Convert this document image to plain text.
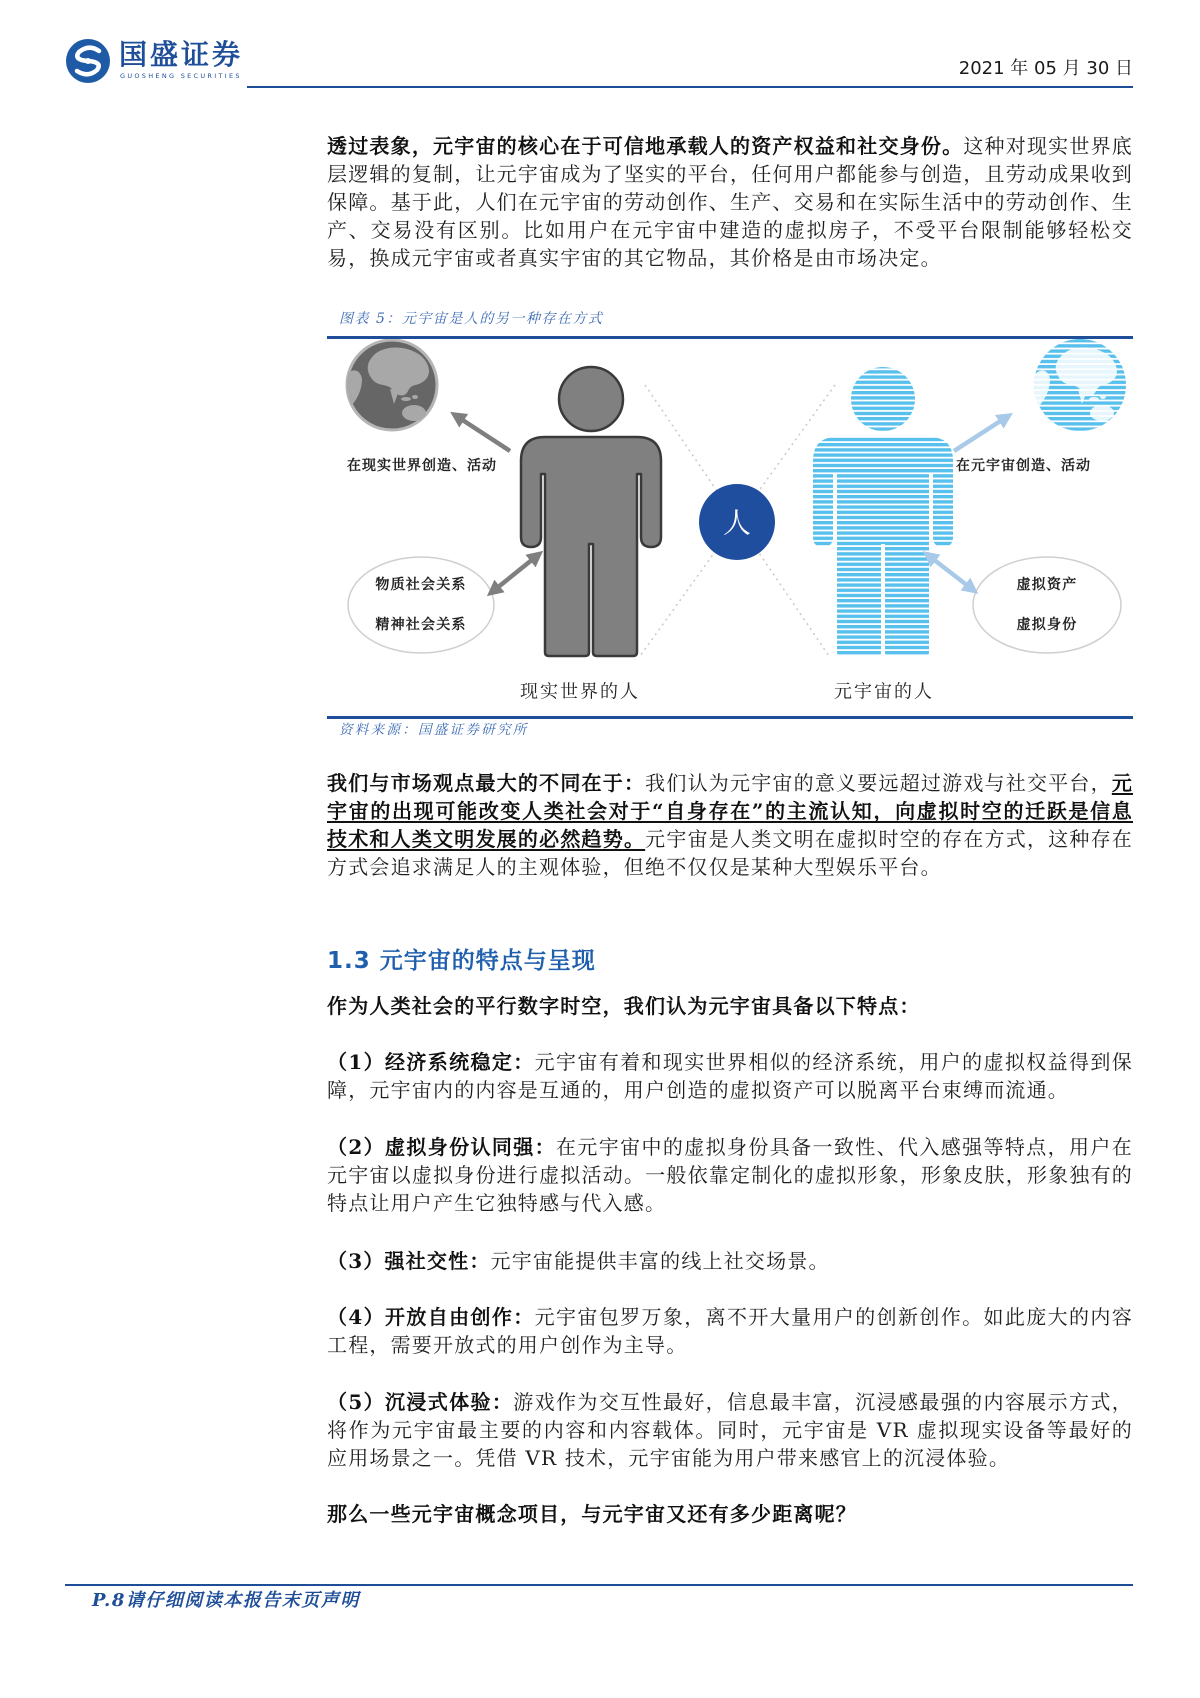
国盛证券
GUOSHENG SECURITIES	2021 年 05 月 30 日

透过表象，元宇宙的核心在于可信地承载人的资产权益和社交身份。这种对现实世界底层逻辑的复制，让元宇宙成为了坚实的平台，任何用户都能参与创造，且劳动成果收到保障。基于此，人们在元宇宙的劳动创作、生产、交易和在实际生活中的劳动创作、生产、交易没有区别。比如用户在元宇宙中建造的虚拟房子，不受平台限制能够轻松交易，换成元宇宙或者真实宇宙的其它物品，其价格是由市场决定。

图表 5：元宇宙是人的另一种存在方式
在现实世界创造、活动	在元宇宙创造、活动
人
物质社会关系
精神社会关系
虚拟资产
虚拟身份
现实世界的人	元宇宙的人
资料来源：国盛证券研究所

我们与市场观点最大的不同在于：我们认为元宇宙的意义要远超过游戏与社交平台，元宇宙的出现可能改变人类社会对于“自身存在”的主流认知，向虚拟时空的迁跃是信息技术和人类文明发展的必然趋势。元宇宙是人类文明在虚拟时空的存在方式，这种存在方式会追求满足人的主观体验，但绝不仅仅是某种大型娱乐平台。

1.3 元宇宙的特点与呈现

作为人类社会的平行数字时空，我们认为元宇宙具备以下特点：

（1）经济系统稳定：元宇宙有着和现实世界相似的经济系统，用户的虚拟权益得到保障，元宇宙内的内容是互通的，用户创造的虚拟资产可以脱离平台束缚而流通。

（2）虚拟身份认同强：在元宇宙中的虚拟身份具备一致性、代入感强等特点，用户在元宇宙以虚拟身份进行虚拟活动。一般依靠定制化的虚拟形象，形象皮肤，形象独有的特点让用户产生它独特感与代入感。

（3）强社交性：元宇宙能提供丰富的线上社交场景。

（4）开放自由创作：元宇宙包罗万象，离不开大量用户的创新创作。如此庞大的内容工程，需要开放式的用户创作为主导。

（5）沉浸式体验：游戏作为交互性最好，信息最丰富，沉浸感最强的内容展示方式，将作为元宇宙最主要的内容和内容载体。同时，元宇宙是 VR 虚拟现实设备等最好的应用场景之一。凭借 VR 技术，元宇宙能为用户带来感官上的沉浸体验。

那么一些元宇宙概念项目，与元宇宙又还有多少距离呢？

P.8请仔细阅读本报告末页声明
